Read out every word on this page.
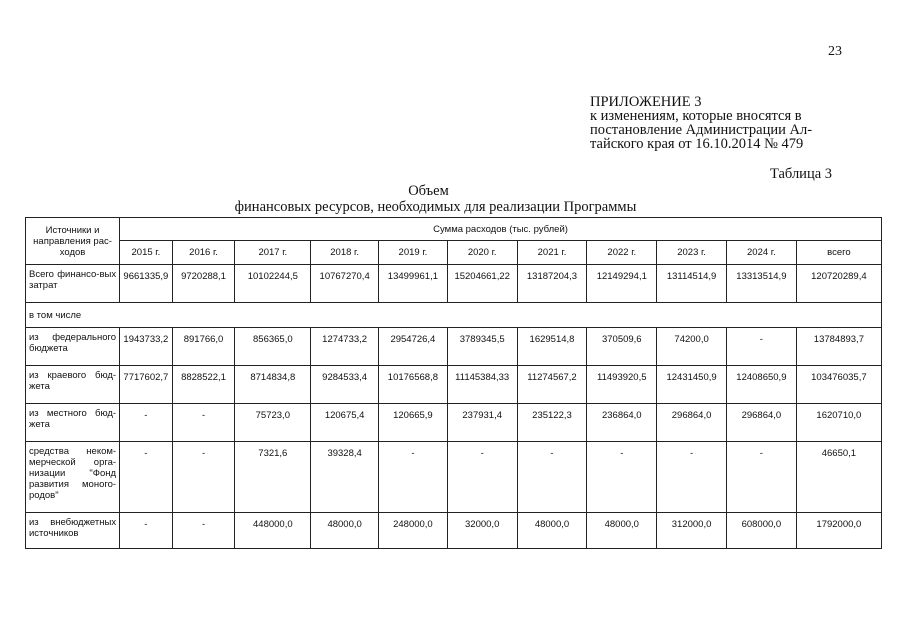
23
ПРИЛОЖЕНИЕ 3
к изменениям, которые вносятся в
постановление Администрации Ал-
тайского края от 16.10.2014 № 479
Таблица 3
Объем
финансовых ресурсов, необходимых для реализации Программы
Источники и направления рас-ходов	Сумма расходов (тыс. рублей)										
	2015 г.	2016 г.	2017 г.	2018 г.	2019 г.	2020 г.	2021 г.	2022 г.	2023 г.	2024 г.	всего
Всего финансо-вых затрат	9661335,9	9720288,1	10102244,5	10767270,4	13499961,1	15204661,22	13187204,3	12149294,1	13114514,9	13313514,9	120720289,4
в том числе											
из федерального бюджета	1943733,2	891766,0	856365,0	1274733,2	2954726,4	3789345,5	1629514,8	370509,6	74200,0	-	13784893,7
из краевого бюд-жета	7717602,7	8828522,1	8714834,8	9284533,4	10176568,8	11145384,33	11274567,2	11493920,5	12431450,9	12408650,9	103476035,7
из местного бюд-жета	-	-	75723,0	120675,4	120665,9	237931,4	235122,3	236864,0	296864,0	296864,0	1620710,0
средства неком-мерческой орга-низации "Фонд развития моного-родов"	-	-	7321,6	39328,4	-	-	-	-	-	-	46650,1
из внебюджетных источников	-	-	448000,0	48000,0	248000,0	32000,0	48000,0	48000,0	312000,0	608000,0	1792000,0
